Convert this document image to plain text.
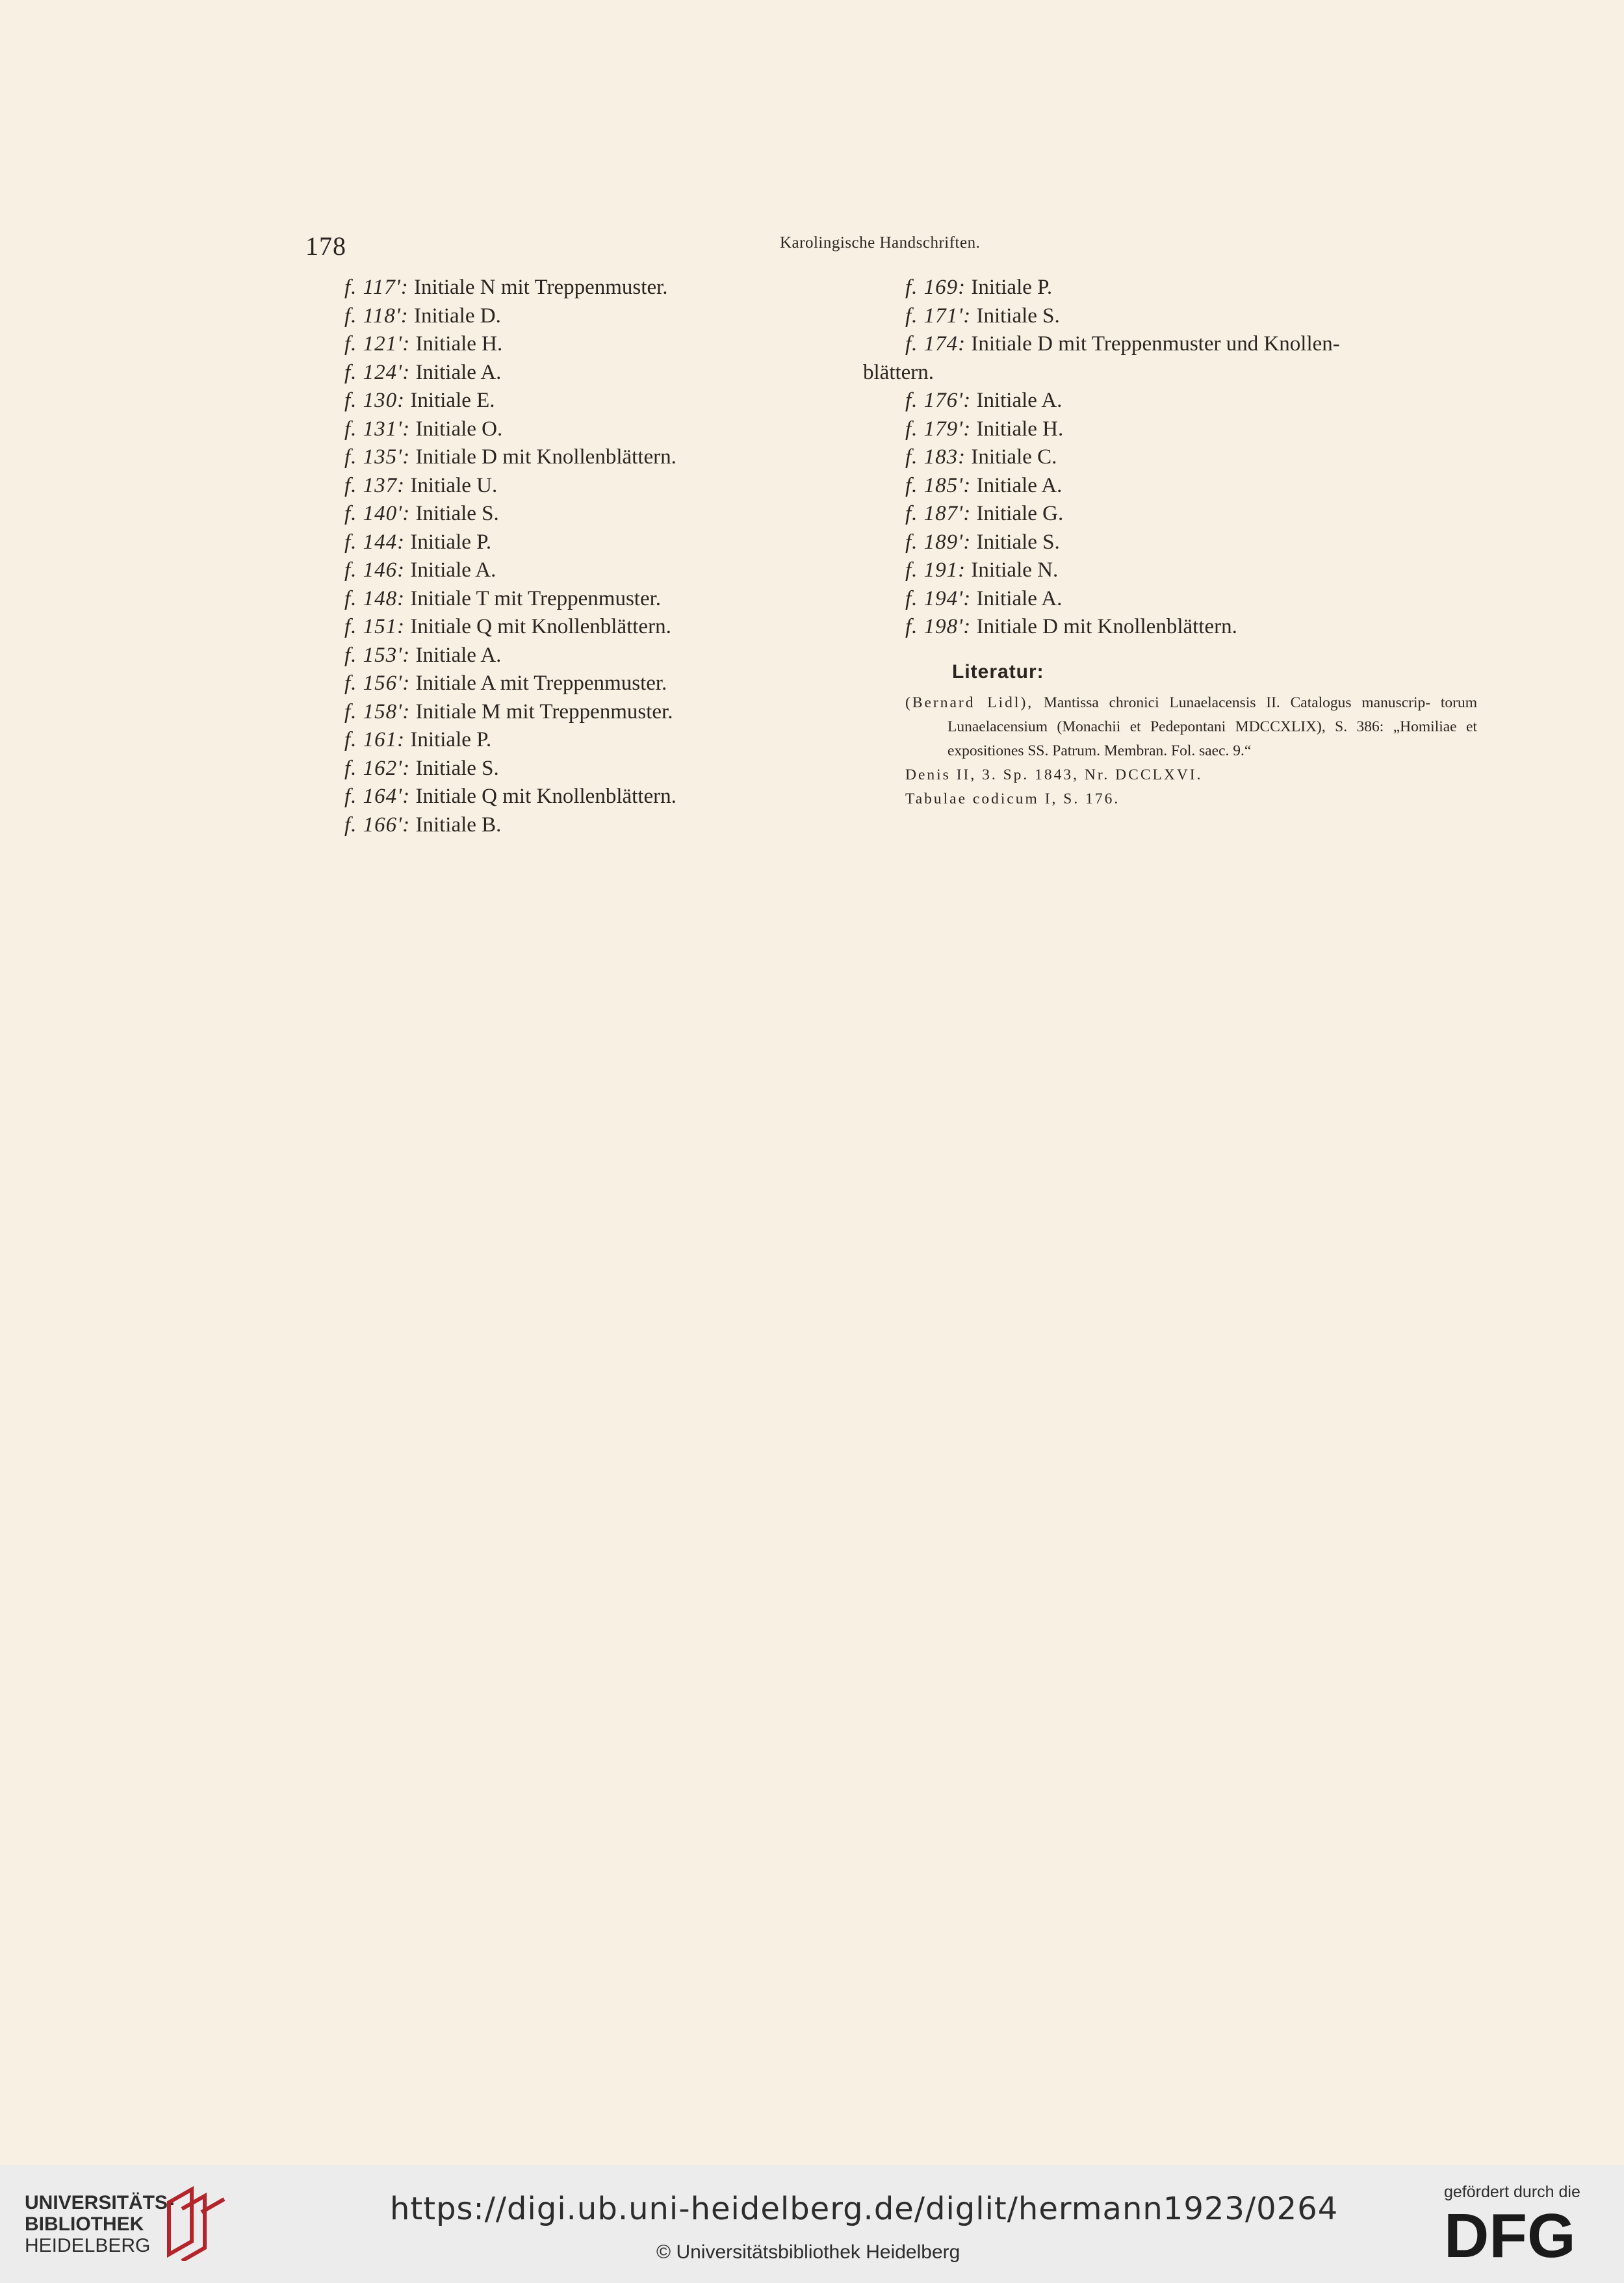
178	Karolingische Handschriften.
f. 117': Initiale N mit Treppenmuster.
f. 118': Initiale D.
f. 121': Initiale H.
f. 124': Initiale A.
f. 130: Initiale E.
f. 131': Initiale O.
f. 135': Initiale D mit Knollenblättern.
f. 137: Initiale U.
f. 140': Initiale S.
f. 144: Initiale P.
f. 146: Initiale A.
f. 148: Initiale T mit Treppenmuster.
f. 151: Initiale Q mit Knollenblättern.
f. 153': Initiale A.
f. 156': Initiale A mit Treppenmuster.
f. 158': Initiale M mit Treppenmuster.
f. 161: Initiale P.
f. 162': Initiale S.
f. 164': Initiale Q mit Knollenblättern.
f. 166': Initiale B.
f. 169: Initiale P.
f. 171': Initiale S.
f. 174: Initiale D mit Treppenmuster und Knollen-
blättern.
f. 176': Initiale A.
f. 179': Initiale H.
f. 183: Initiale C.
f. 185': Initiale A.
f. 187': Initiale G.
f. 189': Initiale S.
f. 191: Initiale N.
f. 194': Initiale A.
f. 198': Initiale D mit Knollenblättern.
Literatur:

(Bernard Lidl), Mantissa chronici Lunaelacensis II. Catalogus manuscrip- torum Lunaelacensium (Monachii et Pedepontani MDCCXLIX), S. 386: „Homiliae et expositiones SS. Patrum. Membran. Fol. saec. 9.“

Denis II, 3. Sp. 1843, Nr. DCCLXVI.

Tabulae codicum I, S. 176.

UNIVERSITÄTS-
BIBLIOTHEK
HEIDELBERG
https://digi.ub.uni-heidelberg.de/diglit/hermann1923/0264
© Universitätsbibliothek Heidelberg
gefördert durch die
DFG
